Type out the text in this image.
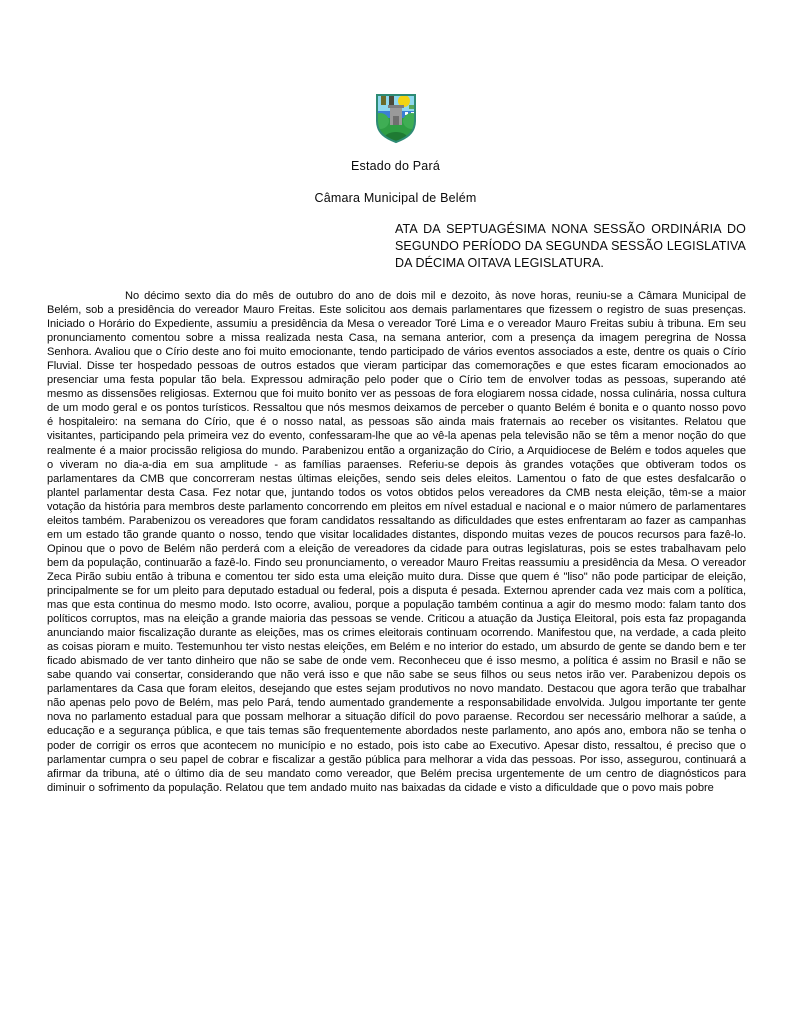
Estado do Pará
Câmara Municipal de Belém
ATA DA SEPTUAGÉSIMA NONA SESSÃO ORDINÁRIA DO
SEGUNDO PERÍODO DA SEGUNDA SESSÃO LEGISLATIVA
DA DÉCIMA OITAVA LEGISLATURA.
No décimo sexto dia do mês de outubro do ano de dois mil e dezoito, às nove horas, reuniu-se a Câmara Municipal de Belém, sob a presidência do vereador Mauro Freitas. Este solicitou aos demais parlamentares que fizessem o registro de suas presenças. Iniciado o Horário do Expediente, assumiu a presidência da Mesa o vereador Toré Lima e o vereador Mauro Freitas subiu à tribuna. Em seu pronunciamento comentou sobre a missa realizada nesta Casa, na semana anterior, com a presença da imagem peregrina de Nossa Senhora. Avaliou que o Círio deste ano foi muito emocionante, tendo participado de vários eventos associados a este, dentre os quais o Círio Fluvial. Disse ter hospedado pessoas de outros estados que vieram participar das comemorações e que estes ficaram emocionados ao presenciar uma festa popular tão bela. Expressou admiração pelo poder que o Círio tem de envolver todas as pessoas, superando até mesmo as dissensões religiosas. Externou que foi muito bonito ver as pessoas de fora elogiarem nossa cidade, nossa culinária, nossa cultura de um modo geral e os pontos turísticos. Ressaltou que nós mesmos deixamos de perceber o quanto Belém é bonita e o quanto nosso povo é hospitaleiro: na semana do Círio, que é o nosso natal, as pessoas são ainda mais fraternais ao receber os visitantes. Relatou que visitantes, participando pela primeira vez do evento, confessaram-lhe que ao vê-la apenas pela televisão não se têm a menor noção do que realmente é a maior procissão religiosa do mundo. Parabenizou então a organização do Círio, a Arquidiocese de Belém e todos aqueles que o viveram no dia-a-dia em sua amplitude - as famílias paraenses. Referiu-se depois às grandes votações que obtiveram todos os parlamentares da CMB que concorreram nestas últimas eleições, sendo seis deles eleitos. Lamentou o fato de que estes desfalcarão o plantel parlamentar desta Casa. Fez notar que, juntando todos os votos obtidos pelos vereadores da CMB nesta eleição, têm-se a maior votação da história para membros deste parlamento concorrendo em pleitos em nível estadual e nacional e o maior número de parlamentares eleitos também. Parabenizou os vereadores que foram candidatos ressaltando as dificuldades que estes enfrentaram ao fazer as campanhas em um estado tão grande quanto o nosso, tendo que visitar localidades distantes, dispondo muitas vezes de poucos recursos para fazê-lo. Opinou que o povo de Belém não perderá com a eleição de vereadores da cidade para outras legislaturas, pois se estes trabalhavam pelo bem da população, continuarão a fazê-lo. Findo seu pronunciamento, o vereador Mauro Freitas reassumiu a presidência da Mesa. O vereador Zeca Pirão subiu então à tribuna e comentou ter sido esta uma eleição muito dura. Disse que quem é "liso" não pode participar de eleição, principalmente se for um pleito para deputado estadual ou federal, pois a disputa é pesada. Externou aprender cada vez mais com a política, mas que esta continua do mesmo modo. Isto ocorre, avaliou, porque a população também continua a agir do mesmo modo: falam tanto dos políticos corruptos, mas na eleição a grande maioria das pessoas se vende. Criticou a atuação da Justiça Eleitoral, pois esta faz propaganda anunciando maior fiscalização durante as eleições, mas os crimes eleitorais continuam ocorrendo. Manifestou que, na verdade, a cada pleito as coisas pioram e muito. Testemunhou ter visto nestas eleições, em Belém e no interior do estado, um absurdo de gente se dando bem e ter ficado abismado de ver tanto dinheiro que não se sabe de onde vem. Reconheceu que é isso mesmo, a política é assim no Brasil e não se sabe quando vai consertar, considerando que não verá isso e que não sabe se seus filhos ou seus netos irão ver. Parabenizou depois os parlamentares da Casa que foram eleitos, desejando que estes sejam produtivos no novo mandato. Destacou que agora terão que trabalhar não apenas pelo povo de Belém, mas pelo Pará, tendo aumentado grandemente a responsabilidade envolvida. Julgou importante ter gente nova no parlamento estadual para que possam melhorar a situação difícil do povo paraense. Recordou ser necessário melhorar a saúde, a educação e a segurança pública, e que tais temas são frequentemente abordados neste parlamento, ano após ano, embora não se tenha o poder de corrigir os erros que acontecem no município e no estado, pois isto cabe ao Executivo. Apesar disto, ressaltou, é preciso que o parlamentar cumpra o seu papel de cobrar e fiscalizar a gestão pública para melhorar a vida das pessoas. Por isso, assegurou, continuará a afirmar da tribuna, até o último dia de seu mandato como vereador, que Belém precisa urgentemente de um centro de diagnósticos para diminuir o sofrimento da população. Relatou que tem andado muito nas baixadas da cidade e visto a dificuldade que o povo mais pobre
